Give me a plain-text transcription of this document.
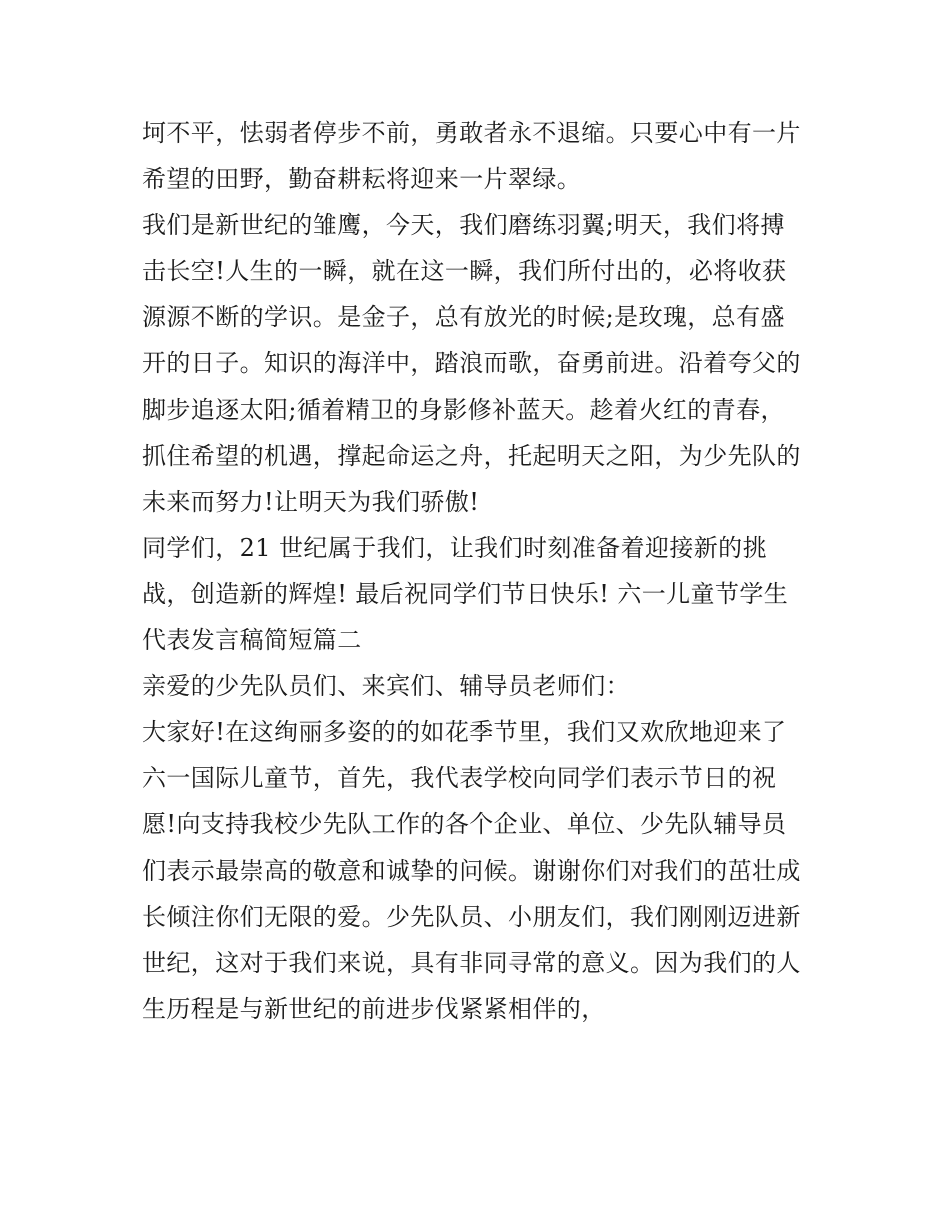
坷不平，怯弱者停步不前，勇敢者永不退缩。只要心中有一片
希望的田野，勤奋耕耘将迎来一片翠绿。
我们是新世纪的雏鹰，今天，我们磨练羽翼;明天，我们将搏
击长空!人生的一瞬，就在这一瞬，我们所付出的，必将收获
源源不断的学识。是金子，总有放光的时候;是玫瑰，总有盛
开的日子。知识的海洋中，踏浪而歌，奋勇前进。沿着夸父的
脚步追逐太阳;循着精卫的身影修补蓝天。趁着火红的青春，
抓住希望的机遇，撑起命运之舟，托起明天之阳，为少先队的
未来而努力!让明天为我们骄傲!
同学们，21 世纪属于我们，让我们时刻准备着迎接新的挑
战，创造新的辉煌! 最后祝同学们节日快乐! 六一儿童节学生
代表发言稿简短篇二
亲爱的少先队员们、来宾们、辅导员老师们：
大家好!在这绚丽多姿的的如花季节里，我们又欢欣地迎来了
六一国际儿童节，首先，我代表学校向同学们表示节日的祝
愿!向支持我校少先队工作的各个企业、单位、少先队辅导员
们表示最崇高的敬意和诚挚的问候。谢谢你们对我们的茁壮成
长倾注你们无限的爱。少先队员、小朋友们，我们刚刚迈进新
世纪，这对于我们来说，具有非同寻常的意义。因为我们的人
生历程是与新世纪的前进步伐紧紧相伴的，
